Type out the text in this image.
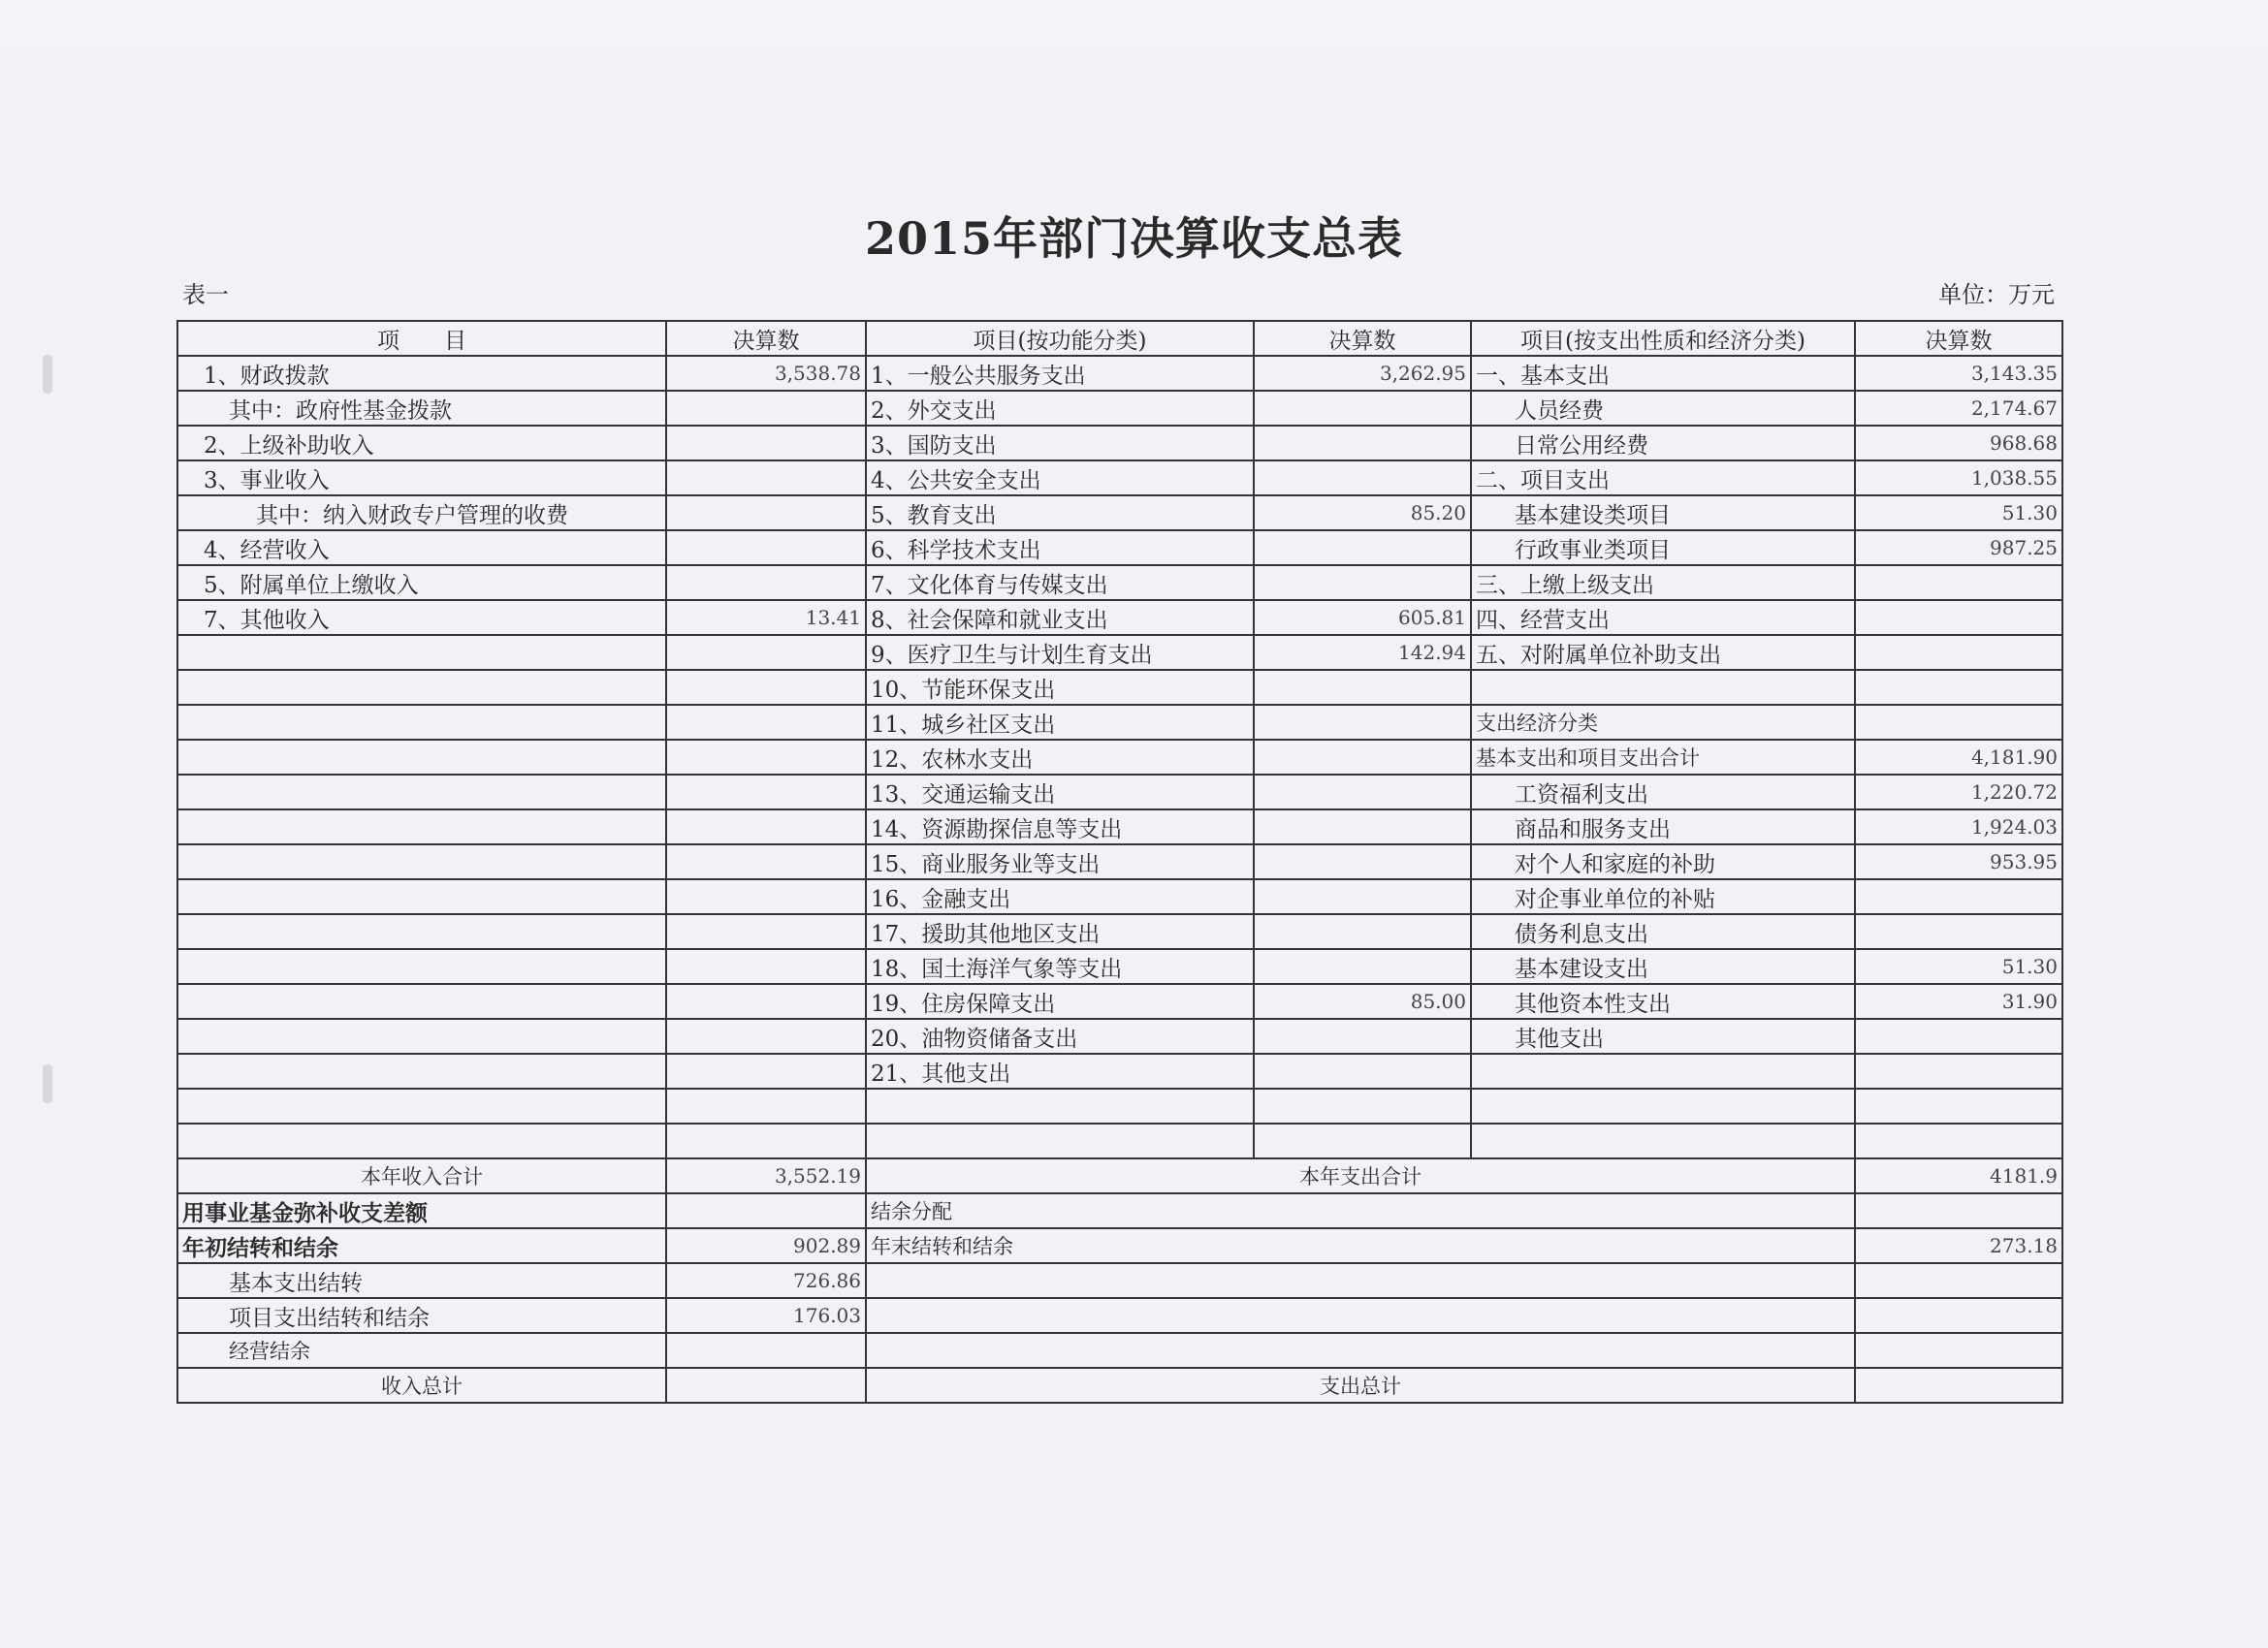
2015年部门决算收支总表
表一	单位：万元
项　　目	决算数	项目(按功能分类)	决算数	项目(按支出性质和经济分类)	决算数
1、财政拨款	3,538.78	1、一般公共服务支出	3,262.95	一、基本支出	3,143.35
其中：政府性基金拨款		2、外交支出		人员经费	2,174.67
2、上级补助收入		3、国防支出		日常公用经费	968.68
3、事业收入		4、公共安全支出		二、项目支出	1,038.55
其中：纳入财政专户管理的收费		5、教育支出	85.20	基本建设类项目	51.30
4、经营收入		6、科学技术支出		行政事业类项目	987.25
5、附属单位上缴收入		7、文化体育与传媒支出		三、上缴上级支出	
7、其他收入	13.41	8、社会保障和就业支出	605.81	四、经营支出	
		9、医疗卫生与计划生育支出	142.94	五、对附属单位补助支出	
		10、节能环保支出			
		11、城乡社区支出		支出经济分类	
		12、农林水支出		基本支出和项目支出合计	4,181.90
		13、交通运输支出		工资福利支出	1,220.72
		14、资源勘探信息等支出		商品和服务支出	1,924.03
		15、商业服务业等支出		对个人和家庭的补助	953.95
		16、金融支出		对企事业单位的补贴	
		17、援助其他地区支出		债务利息支出	
		18、国土海洋气象等支出		基本建设支出	51.30
		19、住房保障支出	85.00	其他资本性支出	31.90
		20、油物资储备支出		其他支出	
		21、其他支出			

本年收入合计	3,552.19	本年支出合计			4181.9
用事业基金弥补收支差额		结余分配			
年初结转和结余	902.89	年末结转和结余			273.18
基本支出结转	726.86				
项目支出结转和结余	176.03				
经营结余					
收入总计		支出总计			
